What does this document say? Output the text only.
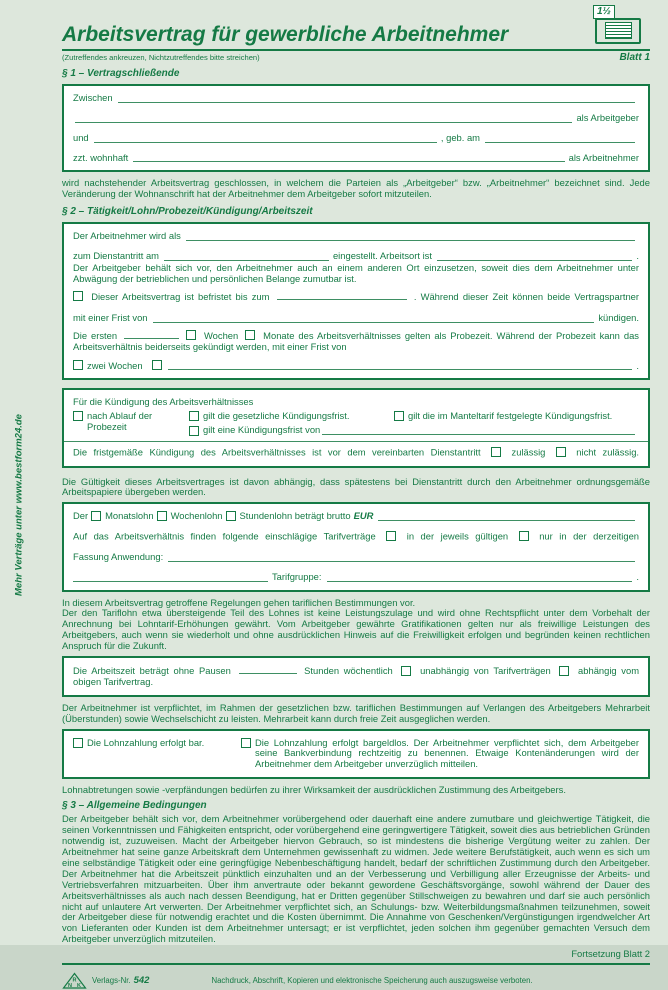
Mehr Verträge unter www.bestform24.de
1½
Arbeitsvertrag für gewerbliche Arbeitnehmer
(Zutreffendes ankreuzen, Nichtzutreffendes bitte streichen)	Blatt 1
§ 1 – Vertragschließende
Zwischen
als Arbeitgeber
und	, geb. am
zzt. wohnhaft	als Arbeitnehmer

wird nachstehender Arbeitsvertrag geschlossen, in welchem die Parteien als „Arbeitgeber“ bzw. „Arbeitnehmer“ bezeichnet sind. Jede Veränderung der Wohnanschrift hat der Arbeitnehmer dem Arbeitgeber sofort mitzuteilen.

§ 2 – Tätigkeit/Lohn/Probezeit/Kündigung/Arbeitszeit
Der Arbeitnehmer wird als
zum Dienstantritt am	eingestellt. Arbeitsort ist	.

Der Arbeitgeber behält sich vor, den Arbeitnehmer auch an einem anderen Ort einzusetzen, soweit dies dem Arbeitnehmer unter Abwägung der betrieblichen und persönlichen Belange zumutbar ist.

Dieser Arbeitsvertrag ist befristet bis zum	. Während dieser Zeit können beide Vertragspartner
mit einer Frist von	kündigen.
Die ersten	Wochen	Monate des Arbeitsverhältnisses gelten als Probezeit. Während der Probezeit kann das Arbeitsverhältnis beiderseits gekündigt werden, mit einer Frist von
zwei Wochen	.
Für die Kündigung des Arbeitsverhältnisses
nach Ablauf der Probezeit
gilt die gesetzliche Kündigungsfrist.	gilt die im Manteltarif festgelegte Kündigungsfrist.
gilt eine Kündigungsfrist von
Die fristgemäße Kündigung des Arbeitsverhältnisses ist vor dem vereinbarten Dienstantritt	zulässig	nicht zulässig.

Die Gültigkeit dieses Arbeitsvertrages ist davon abhängig, dass spätestens bei Dienstantritt durch den Arbeitnehmer ordnungsgemäße Arbeitspapiere übergeben werden.

Der Monatslohn Wochenlohn Stundenlohn beträgt brutto EUR
Auf das Arbeitsverhältnis finden folgende einschlägige Tarifverträge	in der jeweils gültigen	nur in der derzeitigen
Fassung Anwendung:
Tarifgruppe:	.

In diesem Arbeitsvertrag getroffene Regelungen gehen tariflichen Bestimmungen vor.

Der den Tariflohn etwa übersteigende Teil des Lohnes ist keine Leistungszulage und wird ohne Rechtspflicht unter dem Vorbehalt der Anrechnung bei Lohntarif-Erhöhungen gewährt. Vom Arbeitgeber gewährte Gratifikationen gelten nur als freiwillige Leistungen des Arbeitgebers, auch wenn sie wiederholt und ohne ausdrücklichen Hinweis auf die Freiwilligkeit erfolgen und begründen keinen rechtlichen Anspruch für die Zukunft.

Die Arbeitszeit beträgt ohne Pausen	Stunden wöchentlich	unabhängig von Tarifverträgen	abhängig vom obigen Tarifvertrag.

Der Arbeitnehmer ist verpflichtet, im Rahmen der gesetzlichen bzw. tariflichen Bestimmungen auf Verlangen des Arbeitgebers Mehrarbeit (Überstunden) sowie Wechselschicht zu leisten. Mehrarbeit kann durch freie Zeit ausgeglichen werden.

Die Lohnzahlung erfolgt bar.	Die Lohnzahlung erfolgt bargeldlos. Der Arbeitnehmer verpflichtet sich, dem Arbeitgeber seine Bankverbindung rechtzeitig zu benennen. Etwaige Kontenänderungen wird der Arbeitnehmer dem Arbeitgeber unverzüglich mitteilen.

Lohnabtretungen sowie -verpfändungen bedürfen zu ihrer Wirksamkeit der ausdrücklichen Zustimmung des Arbeitgebers.

§ 3 – Allgemeine Bedingungen

Der Arbeitgeber behält sich vor, dem Arbeitnehmer vorübergehend oder dauerhaft eine andere zumutbare und gleichwertige Tätigkeit, die seinen Vorkenntnissen und Fähigkeiten entspricht, oder vorübergehend eine geringwertigere Tätigkeit, soweit dies aus betrieblichen Gründen notwendig ist, zuzuweisen. Macht der Arbeitgeber hiervon Gebrauch, so ist mindestens die bisherige Vergütung weiter zu zahlen. Der Arbeitnehmer hat seine ganze Arbeitskraft dem Unternehmen gewissenhaft zu widmen. Jede weitere Berufstätigkeit, auch wenn es sich um eine selbständige Tätigkeit oder eine geringfügige Nebenbeschäftigung handelt, bedarf der schriftlichen Zustimmung durch den Arbeitgeber. Der Arbeitnehmer hat die Arbeitszeit pünktlich einzuhalten und an der Verbesserung und Verbilligung aller Erzeugnisse der Arbeits- und Vertriebsverfahren mitzuarbeiten. Über ihm anvertraute oder bekannt gewordene Geschäftsvorgänge, sowohl während der Dauer des Arbeitsverhältnisses als auch nach dessen Beendigung, hat er Dritten gegenüber Stillschweigen zu bewahren und darf sie auch persönlich nicht auf unlautere Art verwerten. Der Arbeitnehmer verpflichtet sich, an Schulungs- bzw. Weiterbildungsmaßnahmen teilzunehmen, soweit der Arbeitgeber diese für notwendig erachtet und die Kosten übernimmt. Die Annahme von Geschenken/Vergünstigungen irgendwelcher Art von Lieferanten oder Kunden ist dem Arbeitnehmer untersagt; er ist verpflichtet, jeden solchen ihm gegenüber gemachten Versuch dem Arbeitgeber unverzüglich mitzuteilen.

Fortsetzung Blatt 2
R
N K
Verlags-Nr. 542	Nachdruck, Abschrift, Kopieren und elektronische Speicherung auch auszugsweise verboten.
